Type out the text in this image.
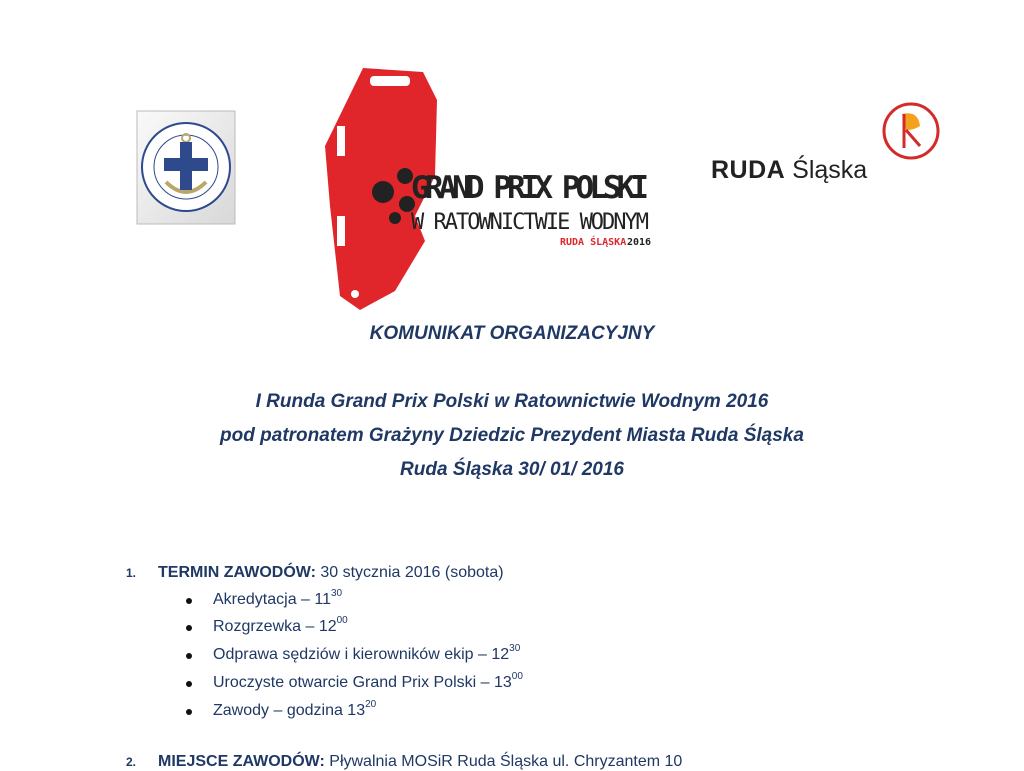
GRAND PRIX POLSKI
W RATOWNICTWIE WODNYM
RUDA ŚLĄSKA 2016
RUDA Śląska
KOMUNIKAT ORGANIZACYJNY
I Runda Grand Prix Polski w Ratownictwie Wodnym 2016
pod patronatem Grażyny Dziedzic Prezydent Miasta Ruda Śląska
Ruda Śląska 30/ 01/ 2016
1. TERMIN ZAWODÓW: 30 stycznia 2016 (sobota)
Akredytacja – $11^{30}$
Rozgrzewka – $12^{00}$
Odprawa sędziów i kierowników ekip – $12^{30}$
Uroczyste otwarcie Grand Prix Polski – $13^{00}$
Zawody – godzina $13^{20}$
2. MIEJSCE ZAWODÓW: Pływalnia MOSiR Ruda Śląska ul. Chryzantem 10
